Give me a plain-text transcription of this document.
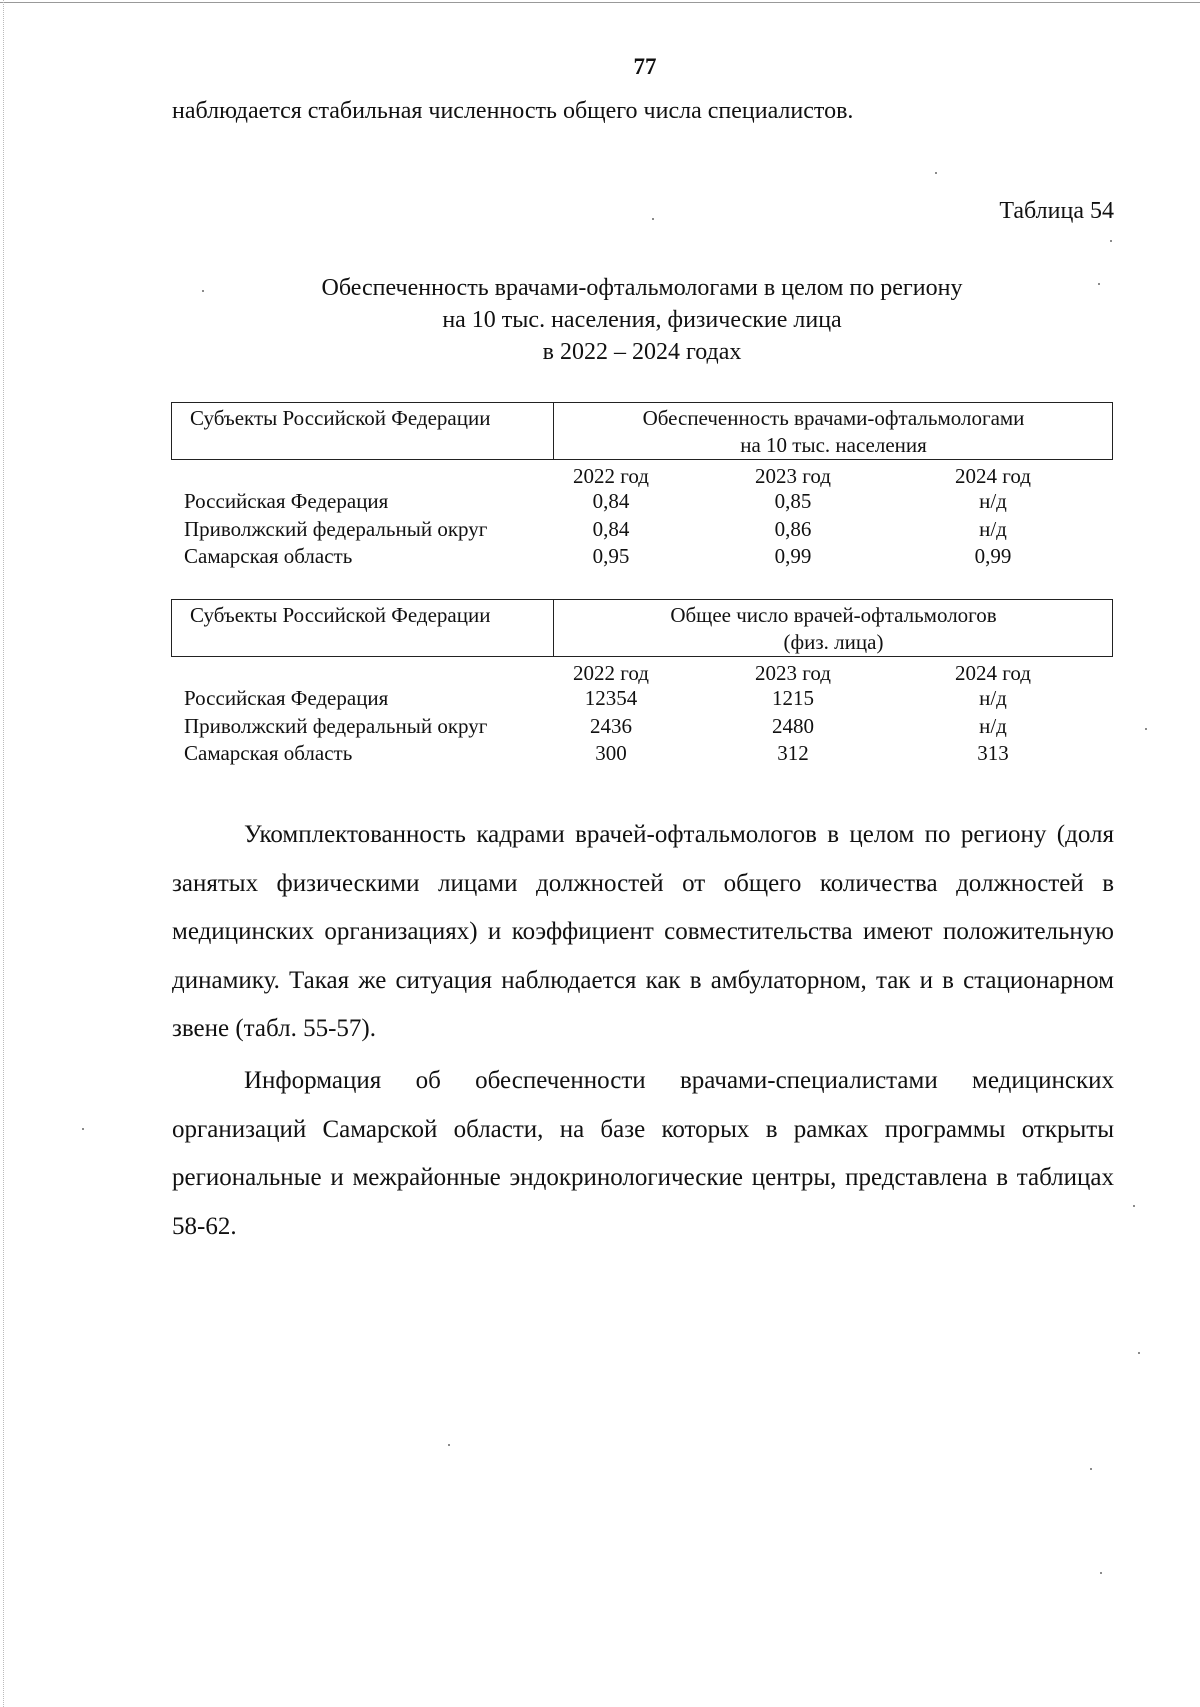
77
наблюдается стабильная численность общего числа специалистов.
Таблица 54
Обеспеченность врачами-офтальмологами в целом по региону
на 10 тыс. населения, физические лица
в 2022 – 2024 годах
Субъекты Российской Федерации	Обеспеченность врачами-офтальмологами
на 10 тыс. населения
2022 год	2023 год	2024 год
Российская Федерация	0,84	0,85	н/д
Приволжский федеральный округ	0,84	0,86	н/д
Самарская область	0,95	0,99	0,99
Субъекты Российской Федерации	Общее число врачей-офтальмологов
(физ. лица)
2022 год	2023 год	2024 год
Российская Федерация	12354	1215	н/д
Приволжский федеральный округ	2436	2480	н/д
Самарская область	300	312	313
Укомплектованность кадрами врачей-офтальмологов в целом по региону (доля занятых физическими лицами должностей от общего количества должностей в медицинских организациях) и коэффициент совместительства имеют положительную динамику. Такая же ситуация наблюдается как в амбулаторном, так и в стационарном звене (табл. 55-57).
Информация об обеспеченности врачами-специалистами медицинских организаций Самарской области, на базе которых в рамках программы открыты региональные и межрайонные эндокринологические центры, представлена в таблицах 58-62.
